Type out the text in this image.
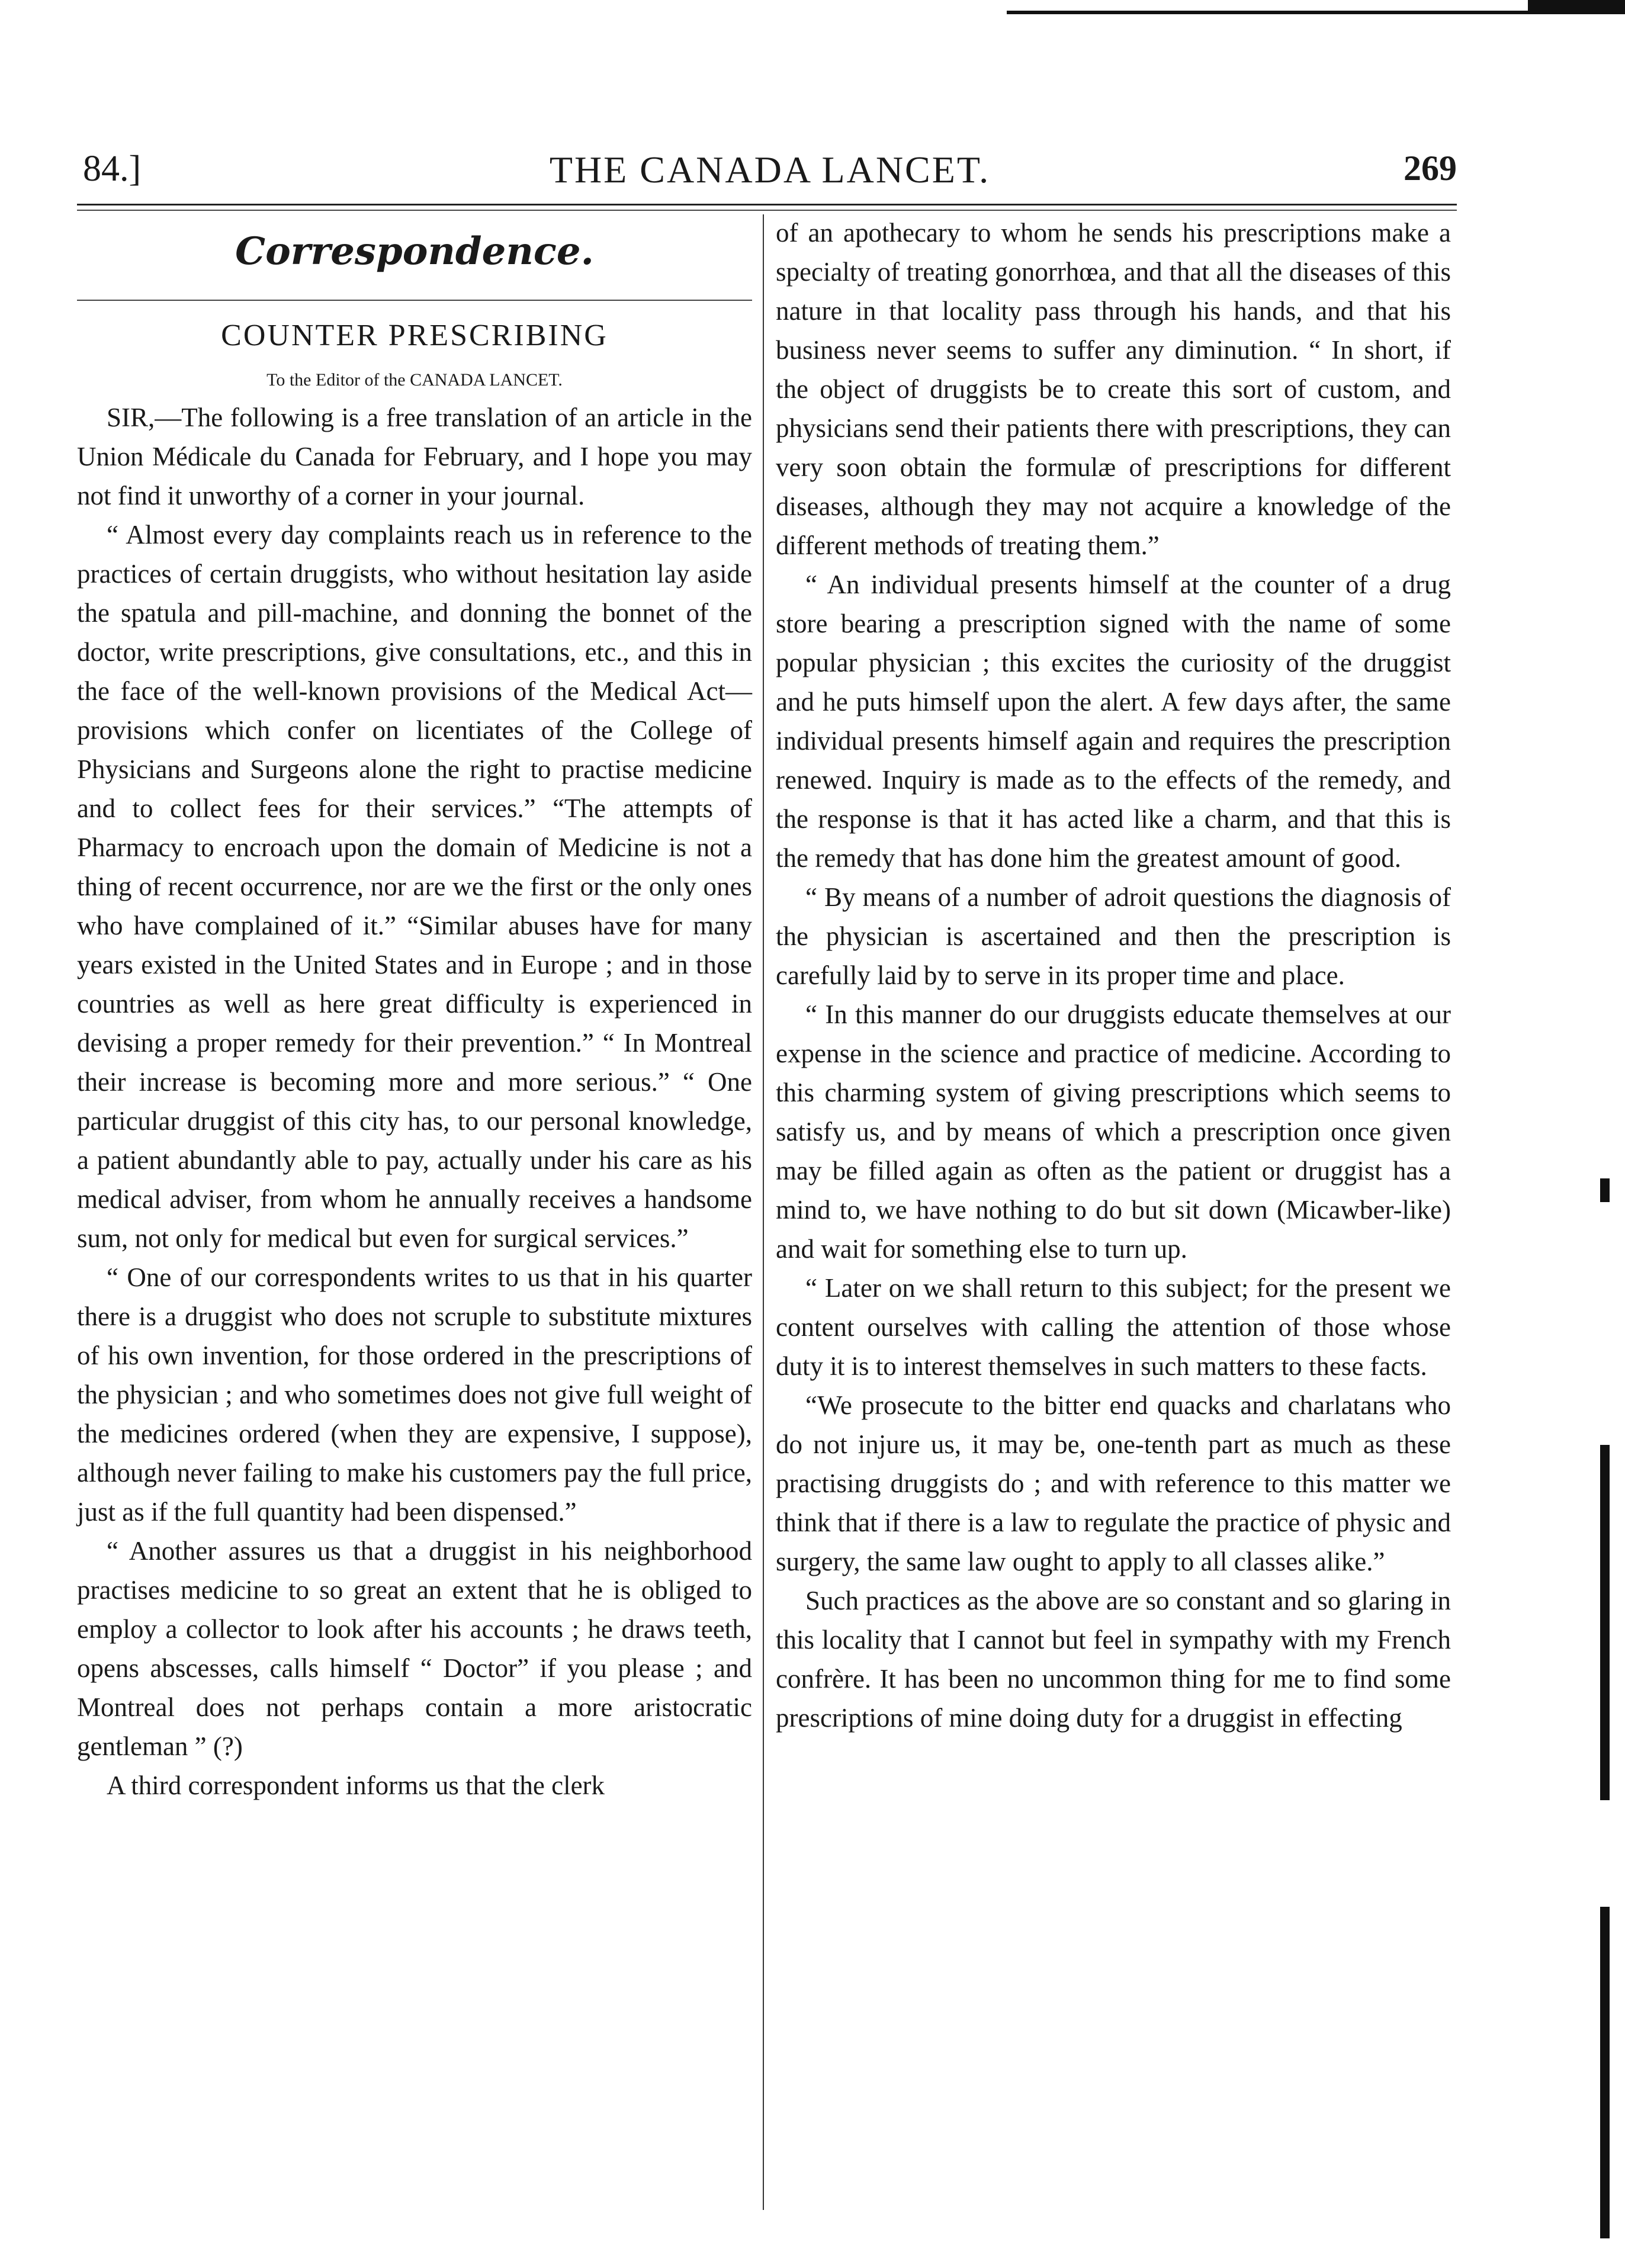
84.]	THE CANADA LANCET.	269

Correspondence.

COUNTER PRESCRIBING

To the Editor of the CANADA LANCET.

SIR,—The following is a free translation of an article in the Union Médicale du Canada for February, and I hope you may not find it unworthy of a corner in your journal.

“ Almost every day complaints reach us in reference to the practices of certain druggists, who without hesitation lay aside the spatula and pill-machine, and donning the bonnet of the doctor, write prescriptions, give consultations, etc., and this in the face of the well-known provisions of the Medical Act—provisions which confer on licentiates of the College of Physicians and Surgeons alone the right to practise medicine and to collect fees for their services.” “The attempts of Pharmacy to encroach upon the domain of Medicine is not a thing of recent occurrence, nor are we the first or the only ones who have complained of it.” “Similar abuses have for many years existed in the United States and in Europe ; and in those countries as well as here great difficulty is experienced in devising a proper remedy for their prevention.” “ In Montreal their increase is becoming more and more serious.” “ One particular druggist of this city has, to our personal knowledge, a patient abundantly able to pay, actually under his care as his medical adviser, from whom he annually receives a handsome sum, not only for medical but even for surgical services.”

“ One of our correspondents writes to us that in his quarter there is a druggist who does not scruple to substitute mixtures of his own invention, for those ordered in the prescriptions of the physician ; and who sometimes does not give full weight of the medicines ordered (when they are expensive, I suppose), although never failing to make his customers pay the full price, just as if the full quantity had been dispensed.”

“ Another assures us that a druggist in his neighborhood practises medicine to so great an extent that he is obliged to employ a collector to look after his accounts ; he draws teeth, opens abscesses, calls himself “ Doctor” if you please ; and Montreal does not perhaps contain a more aristocratic gentleman ” (?)

A third correspondent informs us that the clerk

of an apothecary to whom he sends his prescriptions make a specialty of treating gonorrhœa, and that all the diseases of this nature in that locality pass through his hands, and that his business never seems to suffer any diminution. “ In short, if the object of druggists be to create this sort of custom, and physicians send their patients there with prescriptions, they can very soon obtain the formulæ of prescriptions for different diseases, although they may not acquire a knowledge of the different methods of treating them.”

“ An individual presents himself at the counter of a drug store bearing a prescription signed with the name of some popular physician ; this excites the curiosity of the druggist and he puts himself upon the alert. A few days after, the same individual presents himself again and requires the prescription renewed. Inquiry is made as to the effects of the remedy, and the response is that it has acted like a charm, and that this is the remedy that has done him the greatest amount of good.

“ By means of a number of adroit questions the diagnosis of the physician is ascertained and then the prescription is carefully laid by to serve in its proper time and place.

“ In this manner do our druggists educate themselves at our expense in the science and practice of medicine. According to this charming system of giving prescriptions which seems to satisfy us, and by means of which a prescription once given may be filled again as often as the patient or druggist has a mind to, we have nothing to do but sit down (Micawber-like) and wait for something else to turn up.

“ Later on we shall return to this subject; for the present we content ourselves with calling the attention of those whose duty it is to interest themselves in such matters to these facts.

“We prosecute to the bitter end quacks and charlatans who do not injure us, it may be, one-tenth part as much as these practising druggists do ; and with reference to this matter we think that if there is a law to regulate the practice of physic and surgery, the same law ought to apply to all classes alike.”

Such practices as the above are so constant and so glaring in this locality that I cannot but feel in sympathy with my French confrère. It has been no uncommon thing for me to find some prescriptions of mine doing duty for a druggist in effecting
